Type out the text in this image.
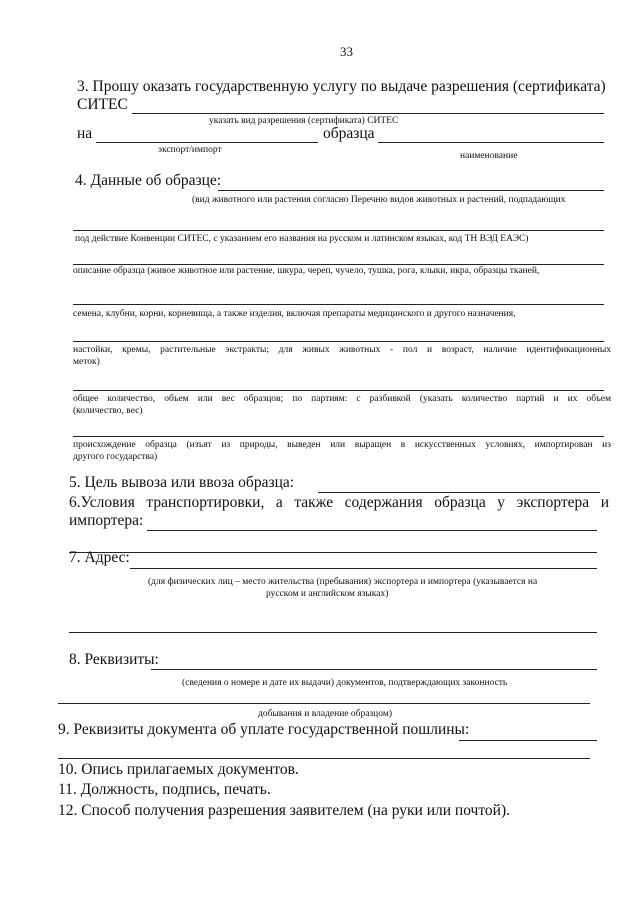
33
3. Прошу оказать государственную услугу по выдаче разрешения (сертификата)
СИТЕС
указать вид разрешения (сертификата) СИТЕС
на	образца
экспорт/импорт
наименование
4. Данные об образце:
(вид животного или растения согласно Перечню видов животных и растений, подпадающих
под действие Конвенции СИТЕС, с указанием его названия на русском и латинском языках, код ТН ВЭД ЕАЭС)
описание образца (живое животное или растение, шкура, череп, чучело, тушка, рога, клыки, икра, образцы тканей,
семена, клубни, корни, корневища, а также изделия, включая препараты медицинского и другого назначения,
настойки, кремы, растительные экстракты; для живых животных - пол и возраст, наличие идентификационных
меток)
общее количество, объем или вес образцов; по партиям: с разбивкой (указать количество партий и их объем
(количество, вес)
происхождение образца (изъят из природы, выведен или выращен в искусственных условиях, импортирован из
другого государства)
5. Цель вывоза или ввоза образца:
6.Условия транспортировки, а также содержания образца у экспортера и
импортера:
7. Адрес:
(для физических лиц – место жительства (пребывания) экспортера и импортера (указывается на
русском и английском языках)
8. Реквизиты:
(сведения о номере и дате их выдачи) документов, подтверждающих законность
добывания и владение образцом)
9. Реквизиты документа об уплате государственной пошлины:
10. Опись прилагаемых документов.
11. Должность, подпись, печать.
12. Способ получения разрешения заявителем (на руки или почтой).
